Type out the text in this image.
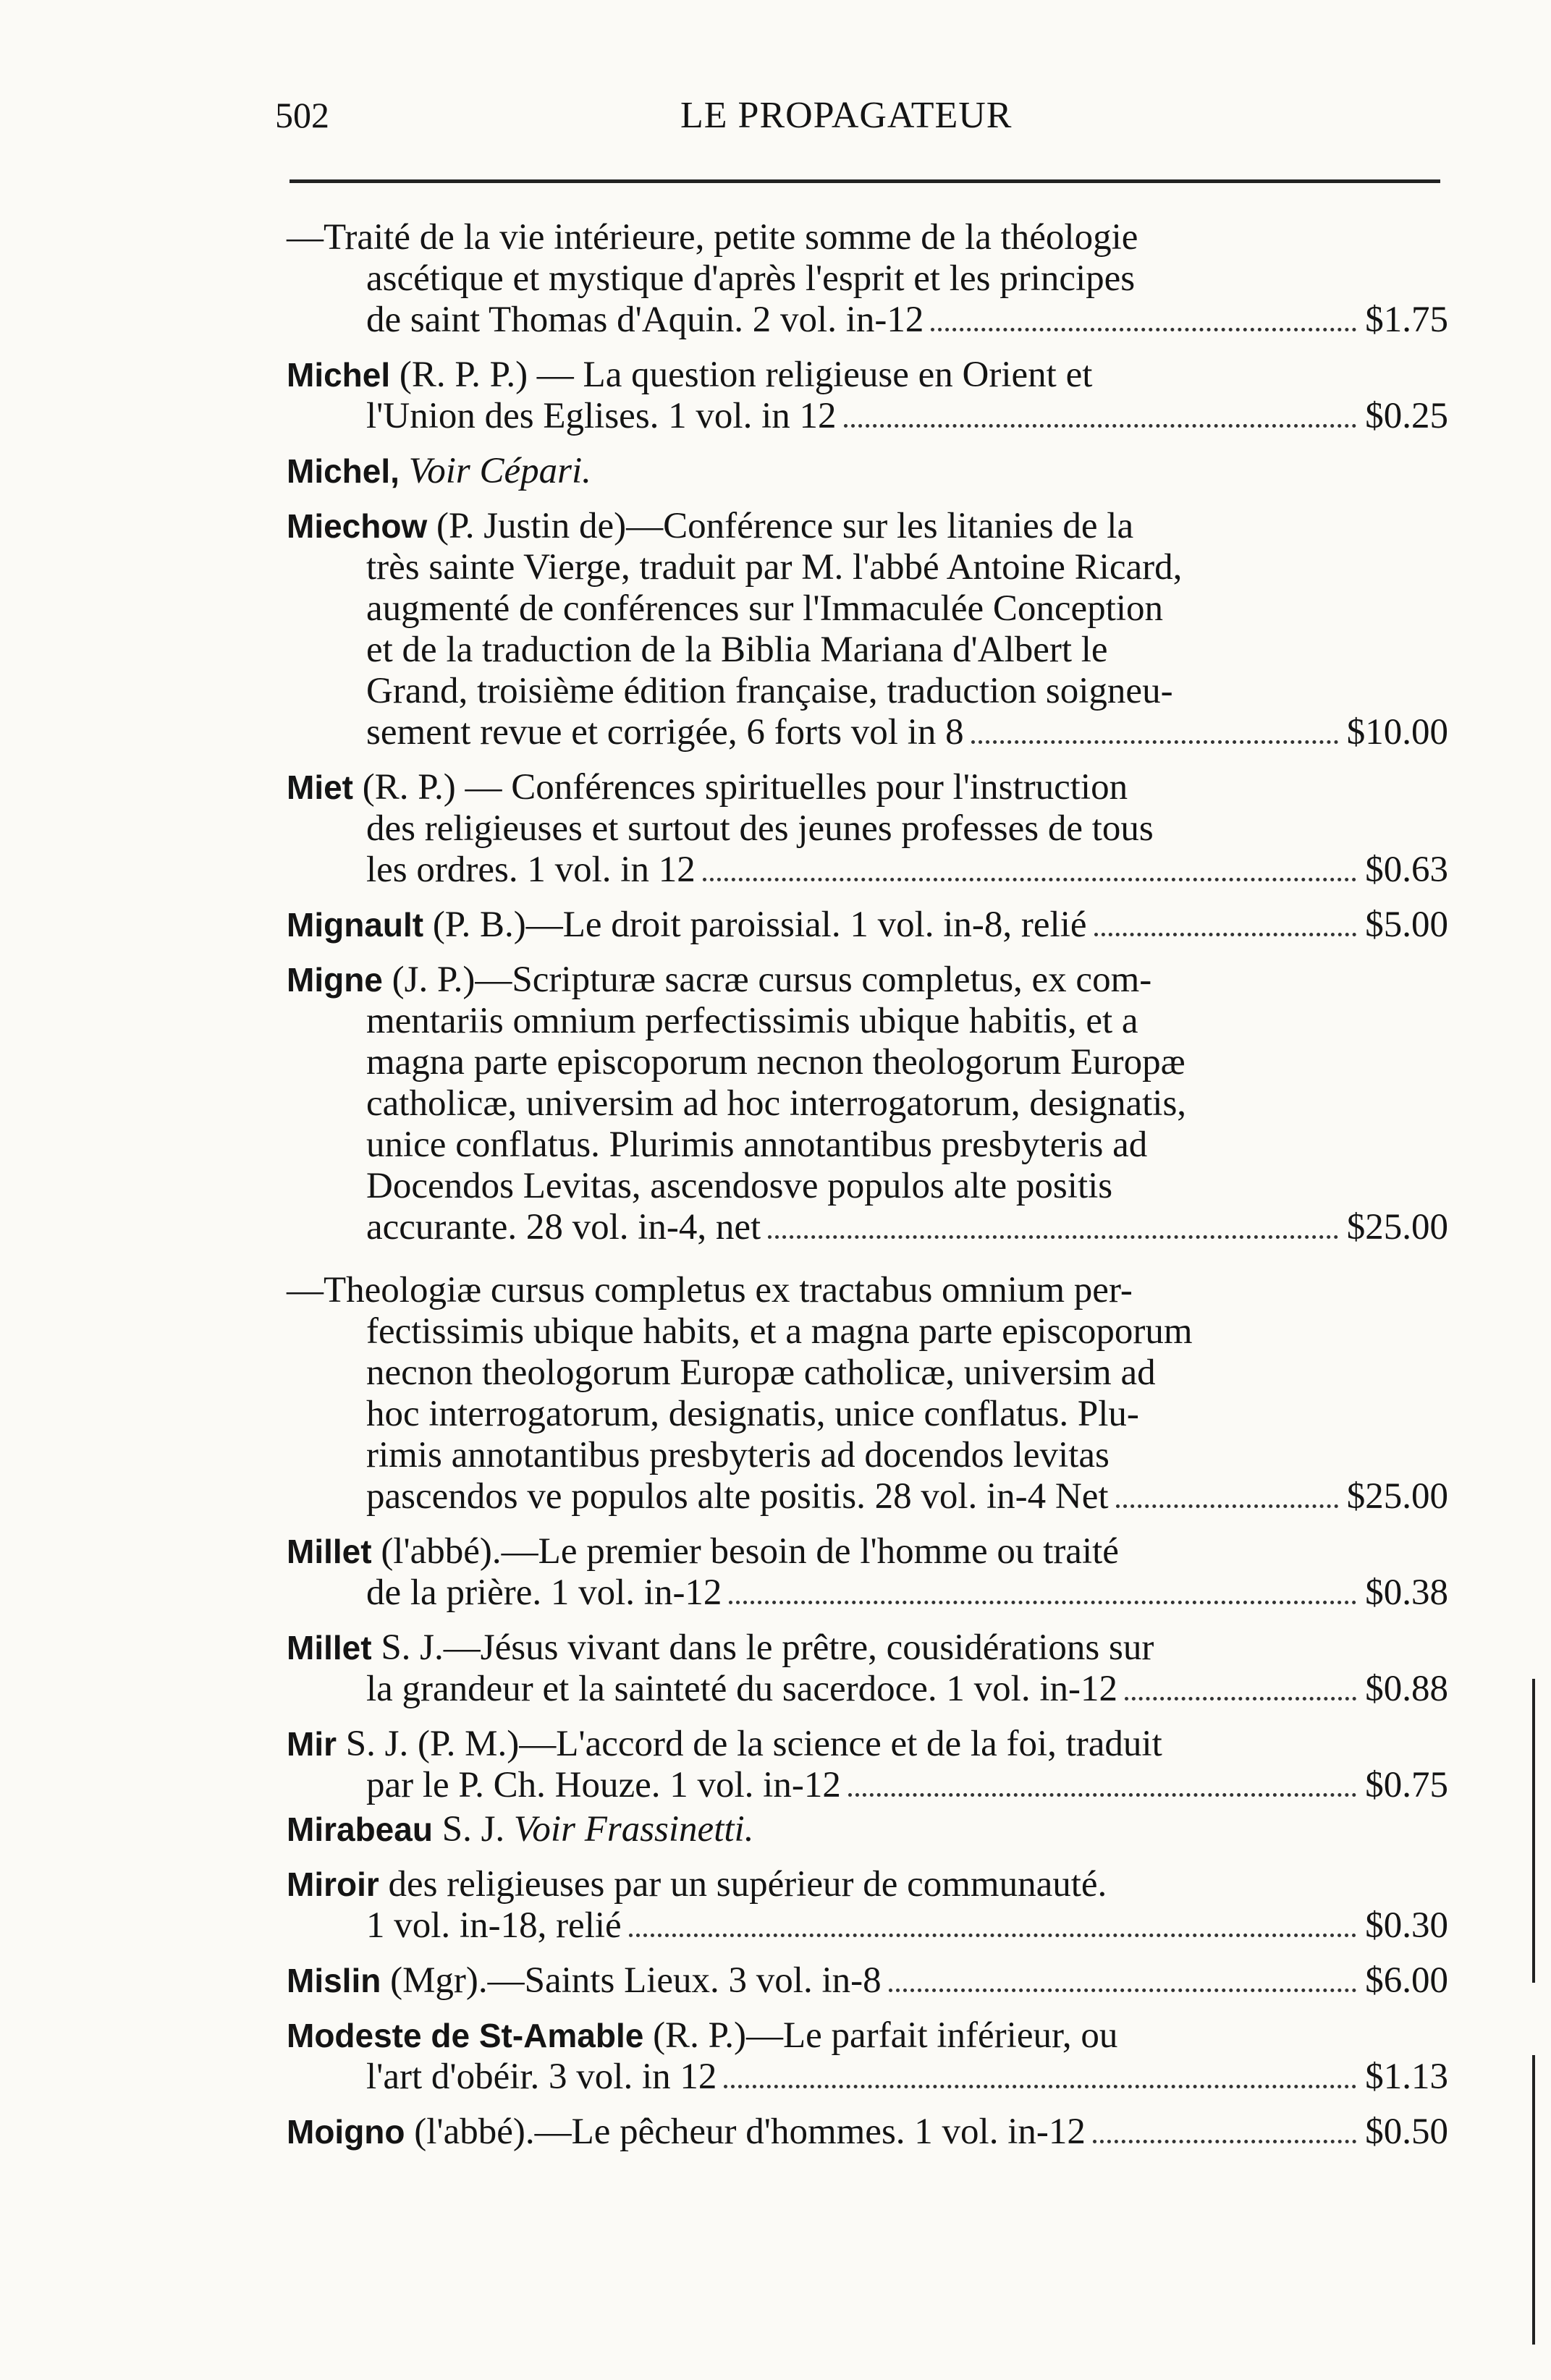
502	LE PROPAGATEUR
—Traité de la vie intérieure, petite somme de la théologie
ascétique et mystique d'après l'esprit et les principes
de saint Thomas d'Aquin. 2 vol. in-12	$1.75
Michel (R. P. P.) — La question religieuse en Orient et
l'Union des Eglises. 1 vol. in 12	$0.25
Michel, Voir Cépari.
Miechow (P. Justin de)—Conférence sur les litanies de la
très sainte Vierge, traduit par M. l'abbé Antoine Ricard,
augmenté de conférences sur l'Immaculée Conception
et de la traduction de la Biblia Mariana d'Albert le
Grand, troisième édition française, traduction soigneu-
sement revue et corrigée, 6 forts vol in 8	$10.00
Miet (R. P.) — Conférences spirituelles pour l'instruction
des religieuses et surtout des jeunes professes de tous
les ordres. 1 vol. in 12	$0.63
Mignault (P. B.)—Le droit paroissial. 1 vol. in-8, relié	$5.00
Migne (J. P.)—Scripturæ sacræ cursus completus, ex com-
mentariis omnium perfectissimis ubique habitis, et a
magna parte episcoporum necnon theologorum Europæ
catholicæ, universim ad hoc interrogatorum, designatis,
unice conflatus. Plurimis annotantibus presbyteris ad
Docendos Levitas, ascendosve populos alte positis
accurante. 28 vol. in-4, net	$25.00
—Theologiæ cursus completus ex tractabus omnium per-
fectissimis ubique habits, et a magna parte episcoporum
necnon theologorum Europæ catholicæ, universim ad
hoc interrogatorum, designatis, unice conflatus. Plu-
rimis annotantibus presbyteris ad docendos levitas
pascendos ve populos alte positis. 28 vol. in-4 Net	$25.00
Millet (l'abbé).—Le premier besoin de l'homme ou traité
de la prière. 1 vol. in-12	$0.38
Millet S. J.—Jésus vivant dans le prêtre, cousidérations sur
la grandeur et la sainteté du sacerdoce. 1 vol. in-12	$0.88
Mir S. J. (P. M.)—L'accord de la science et de la foi, traduit
par le P. Ch. Houze. 1 vol. in-12	$0.75
Mirabeau S. J. Voir Frassinetti.
Miroir des religieuses par un supérieur de communauté.
1 vol. in-18, relié	$0.30
Mislin (Mgr).—Saints Lieux. 3 vol. in-8	$6.00
Modeste de St-Amable (R. P.)—Le parfait inférieur, ou
l'art d'obéir. 3 vol. in 12	$1.13
Moigno (l'abbé).—Le pêcheur d'hommes. 1 vol. in-12	$0.50
